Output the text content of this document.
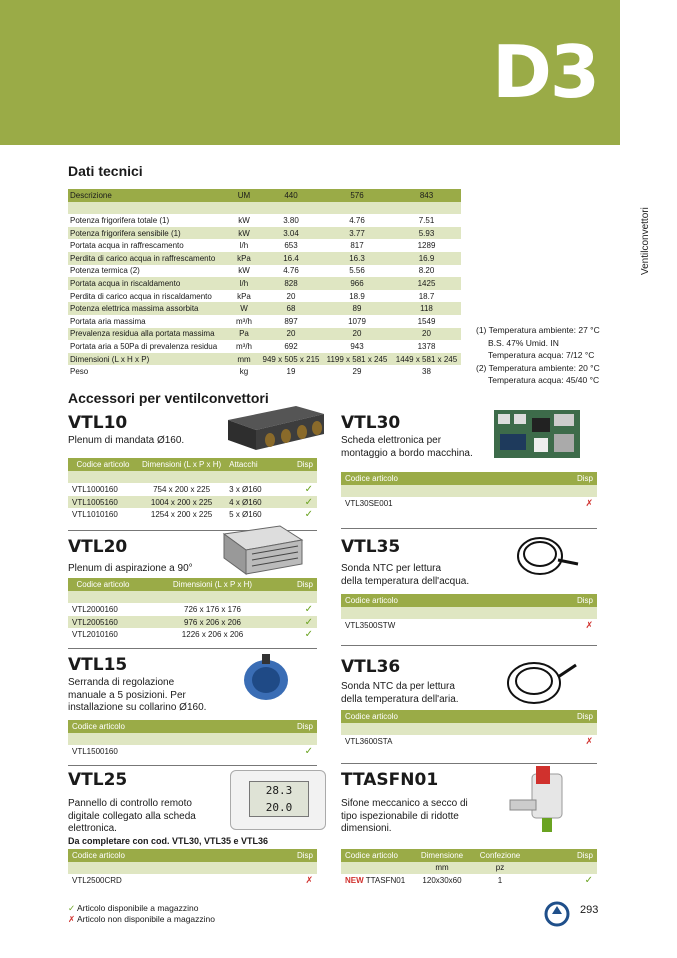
D3
Ventilconvettori
Dati tecnici
Descrizione	UM	440	576	843

Potenza frigorifera totale (1)	kW	3.80	4.76	7.51
Potenza frigorifera sensibile (1)	kW	3.04	3.77	5.93
Portata acqua in raffrescamento	l/h	653	817	1289
Perdita di carico acqua in raffrescamento	kPa	16.4	16.3	16.9
Potenza termica (2)	kW	4.76	5.56	8.20
Portata acqua in riscaldamento	l/h	828	966	1425
Perdita di carico acqua in riscaldamento	kPa	20	18.9	18.7
Potenza elettrica massima assorbita	W	68	89	118
Portata aria massima	m³/h	897	1079	1549
Prevalenza residua alla portata massima	Pa	20	20	20
Portata aria a 50Pa di prevalenza residua	m³/h	692	943	1378
Dimensioni (L x H x P)	mm	949 x 505 x 215	1199 x 581 x 245	1449 x 581 x 245
Peso	kg	19	29	38
(1) Temperatura ambiente: 27 °C
B.S. 47% Umid. IN
Temperatura acqua: 7/12 °C
(2) Temperatura ambiente: 20 °C
Temperatura acqua: 45/40 °C
Accessori per ventilconvettori
VTL10
Plenum di mandata Ø160.
Codice articolo	Dimensioni (L x P x H)	Attacchi	Disp

VTL1000160	754 x 200 x 225	3 x Ø160	✓
VTL1005160	1004 x 200 x 225	4 x Ø160	✓
VTL1010160	1254 x 200 x 225	5 x Ø160	✓
VTL30
Scheda elettronica per
montaggio a bordo macchina.
Codice articolo	Disp

VTL30SE001	✗
VTL20
Plenum di aspirazione a 90°
Codice articolo	Dimensioni (L x P x H)	Disp

VTL2000160	726 x 176 x 176	✓
VTL2005160	976 x 206 x 206	✓
VTL2010160	1226 x 206 x 206	✓
VTL35
Sonda NTC per lettura
della temperatura dell'acqua.
Codice articolo	Disp

VTL3500STW	✗
VTL15
Serranda di regolazione
manuale a 5 posizioni. Per
installazione su collarino Ø160.
Codice articolo	Disp

VTL1500160	✓
VTL36
Sonda NTC da per lettura
della temperatura dell'aria.
Codice articolo	Disp

VTL3600STA	✗
VTL25
Pannello di controllo remoto
digitale collegato alla scheda
elettronica.
Da completare con cod. VTL30, VTL35 e VTL36
28.3
20.0
Codice articolo	Disp

VTL2500CRD	✗
TTASFN01
Sifone meccanico a secco di
tipo ispezionabile di ridotte
dimensioni.
Codice articolo	Dimensione	Confezione	Disp
	mm	pz	
NEW TTASFN01	120x30x60	1	✓
✓ Articolo disponibile a magazzino
✗ Articolo non disponibile a magazzino
293
